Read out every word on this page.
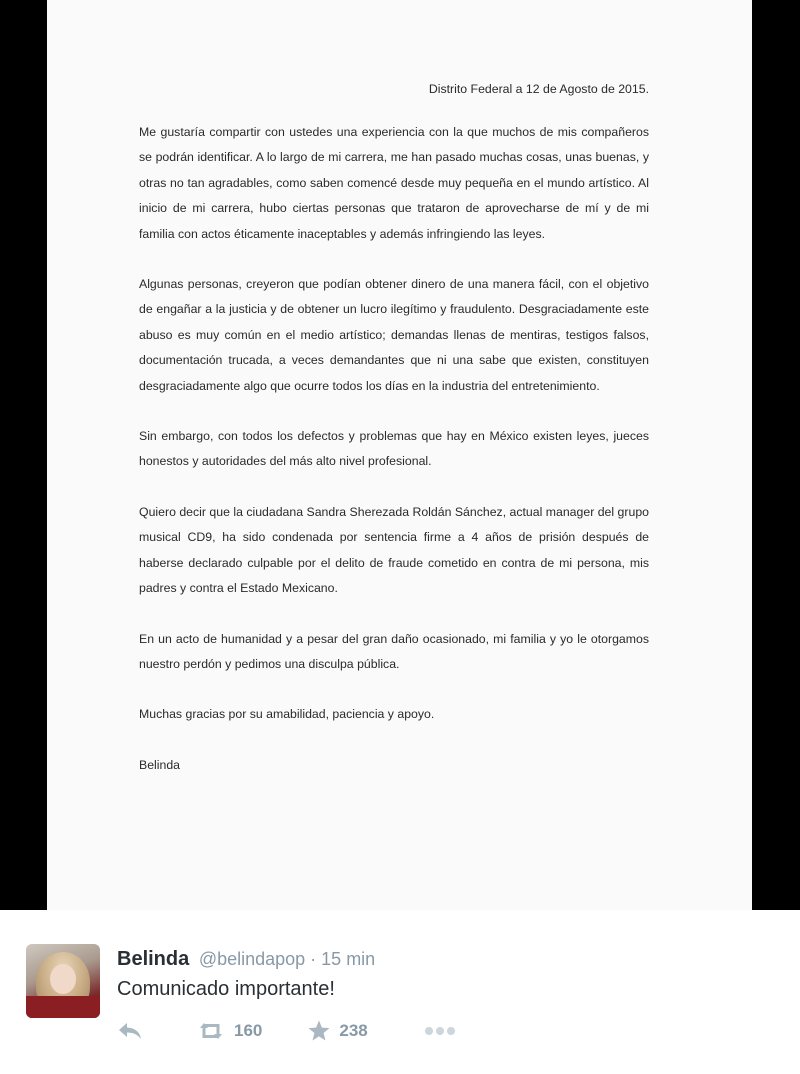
Distrito Federal a 12 de Agosto de 2015.

Me gustaría compartir con ustedes una experiencia con la que muchos de mis compañeros se podrán identificar. A lo largo de mi carrera, me han pasado muchas cosas, unas buenas, y otras no tan agradables, como saben comencé desde muy pequeña en el mundo artístico. Al inicio de mi carrera, hubo ciertas personas que trataron de aprovecharse de mí y de mi familia con actos éticamente inaceptables y además infringiendo las leyes.

Algunas personas, creyeron que podían obtener dinero de una manera fácil, con el objetivo de engañar a la justicia y de obtener un lucro ilegítimo y fraudulento. Desgraciadamente este abuso es muy común en el medio artístico; demandas llenas de mentiras, testigos falsos, documentación trucada, a veces demandantes que ni una sabe que existen, constituyen desgraciadamente algo que ocurre todos los días en la industria del entretenimiento.

Sin embargo, con todos los defectos y problemas que hay en México existen leyes, jueces honestos y autoridades del más alto nivel profesional.

Quiero decir que la ciudadana Sandra Sherezada Roldán Sánchez, actual manager del grupo musical CD9, ha sido condenada por sentencia firme a 4 años de prisión después de haberse declarado culpable por el delito de fraude cometido en contra de mi persona, mis padres y contra el Estado Mexicano.

En un acto de humanidad y a pesar del gran daño ocasionado, mi familia y yo le otorgamos nuestro perdón y pedimos una disculpa pública.

Muchas gracias por su amabilidad, paciencia y apoyo.

Belinda

Belinda @belindapop · 15 min
Comunicado importante!
160	238
